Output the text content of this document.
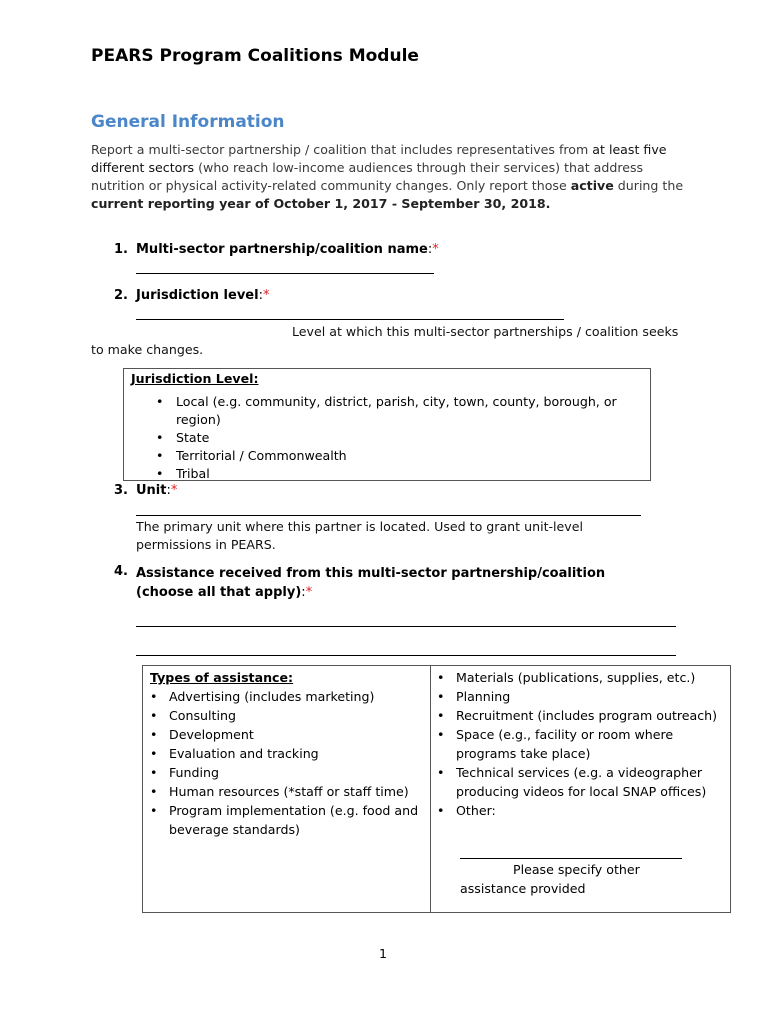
PEARS Program Coalitions Module
General Information
Report a multi-sector partnership / coalition that includes representatives from at least five different sectors (who reach low-income audiences through their services) that address nutrition or physical activity-related community changes. Only report those active during the current reporting year of October 1, 2017 - September 30, 2018.
1. Multi-sector partnership/coalition name:*
2. Jurisdiction level:*
Level at which this multi-sector partnerships / coalition seeks to make changes.
Jurisdiction Level:
• Local (e.g. community, district, parish, city, town, county, borough, or region)
• State
• Territorial / Commonwealth
• Tribal
3. Unit:*
The primary unit where this partner is located. Used to grant unit-level permissions in PEARS.
4. Assistance received from this multi-sector partnership/coalition
(choose all that apply):*
Types of assistance:
• Advertising (includes marketing)
• Consulting
• Development
• Evaluation and tracking
• Funding
• Human resources (*staff or staff time)
• Program implementation (e.g. food and beverage standards)
• Materials (publications, supplies, etc.)
• Planning
• Recruitment (includes program outreach)
• Space (e.g., facility or room where programs take place)
• Technical services (e.g. a videographer producing videos for local SNAP offices)
• Other:
Please specify other assistance provided
1
